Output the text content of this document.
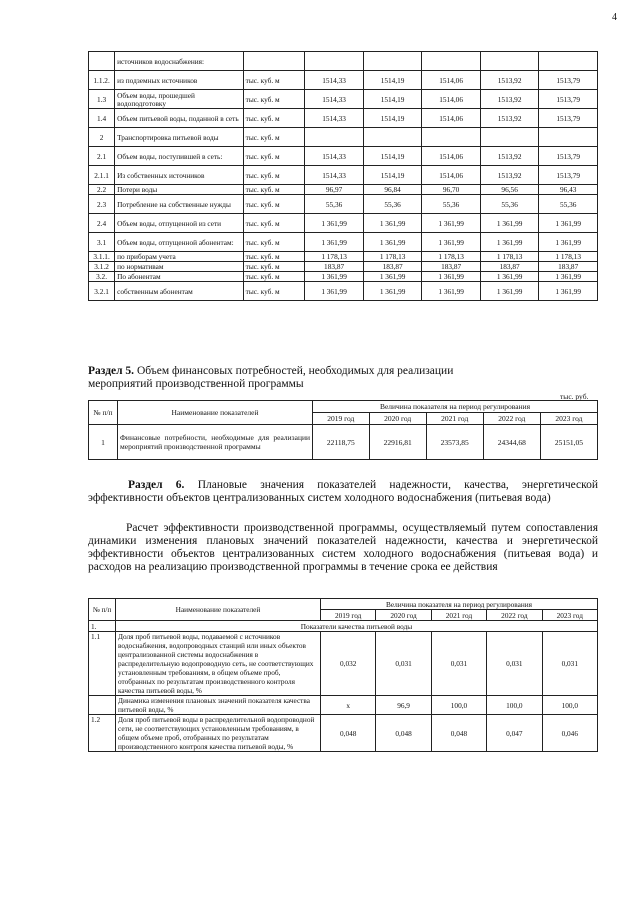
4
	источников водоснабжения:						
1.1.2.	из подземных источников	тыс. куб. м	1514,33	1514,19	1514,06	1513,92	1513,79
1.3	Объем воды, прошедшей водоподготовку	тыс. куб. м	1514,33	1514,19	1514,06	1513,92	1513,79
1.4	Объем питьевой воды, поданной в сеть	тыс. куб. м	1514,33	1514,19	1514,06	1513,92	1513,79
2	Транспортировка питьевой воды	тыс. куб. м					
2.1	Объем воды, поступившей в сеть:	тыс. куб. м	1514,33	1514,19	1514,06	1513,92	1513,79
2.1.1	Из собственных источников	тыс. куб. м	1514,33	1514,19	1514,06	1513,92	1513,79
2.2	Потери воды	тыс. куб. м	96,97	96,84	96,70	96,56	96,43
2.3	Потребление на собственные нужды	тыс. куб. м	55,36	55,36	55,36	55,36	55,36
2.4	Объем воды, отпущенной из сети	тыс. куб. м	1 361,99	1 361,99	1 361,99	1 361,99	1 361,99
3.1	Объем воды, отпущенной абонентам:	тыс. куб. м	1 361,99	1 361,99	1 361,99	1 361,99	1 361,99
3.1.1.	по приборам учета	тыс. куб. м	1 178,13	1 178,13	1 178,13	1 178,13	1 178,13
3.1.2	по нормативам	тыс. куб. м	183,87	183,87	183,87	183,87	183,87
3.2.	По абонентам	тыс. куб. м	1 361,99	1 361,99	1 361,99	1 361,99	1 361,99
3.2.1	собственным абонентам	тыс. куб. м	1 361,99	1 361,99	1 361,99	1 361,99	1 361,99
Раздел 5. Объем финансовых потребностей, необходимых для реализации
мероприятий производственной программы
тыс. руб.
№ п/п	Наименование показателей	Величина показателя на период регулирования				
		2019 год	2020 год	2021 год	2022 год	2023 год
1	Финансовые потребности, необходимые для реализации мероприятий производственной программы	22118,75	22916,81	23573,85	24344,68	25151,05
Раздел 6. Плановые значения показателей надежности, качества, энергетической эффективности объектов централизованных систем холодного водоснабжения (питьевая вода)
Расчет эффективности производственной программы, осуществляемый путем сопоставления динамики изменения плановых значений показателей надежности, качества и энергетической эффективности объектов централизованных систем холодного водоснабжения (питьевая вода) и расходов на реализацию производственной программы в течение срока ее действия
№ п/п	Наименование показателей	Величина показателя на период регулирования				
		2019 год	2020 год	2021 год	2022 год	2023 год
1.	Показатели качества питьевой воды					
1.1	Доля проб питьевой воды, подаваемой с источников водоснабжения, водопроводных станций или иных объектов централизованной системы водоснабжения в распределительную водопроводную сеть, не соответствующих установленным требованиям, в общем объеме проб, отобранных по результатам производственного контроля качества питьевой воды, %	0,032	0,031	0,031	0,031	0,031
	Динамика изменения плановых значений показателя качества питьевой воды, %	x	96,9	100,0	100,0	100,0
1.2	Доля проб питьевой воды в распределительной водопроводной сети, не соответствующих установленным требованиям, в общем объеме проб, отобранных по результатам производственного контроля качества питьевой воды, %	0,048	0,048	0,048	0,047	0,046
